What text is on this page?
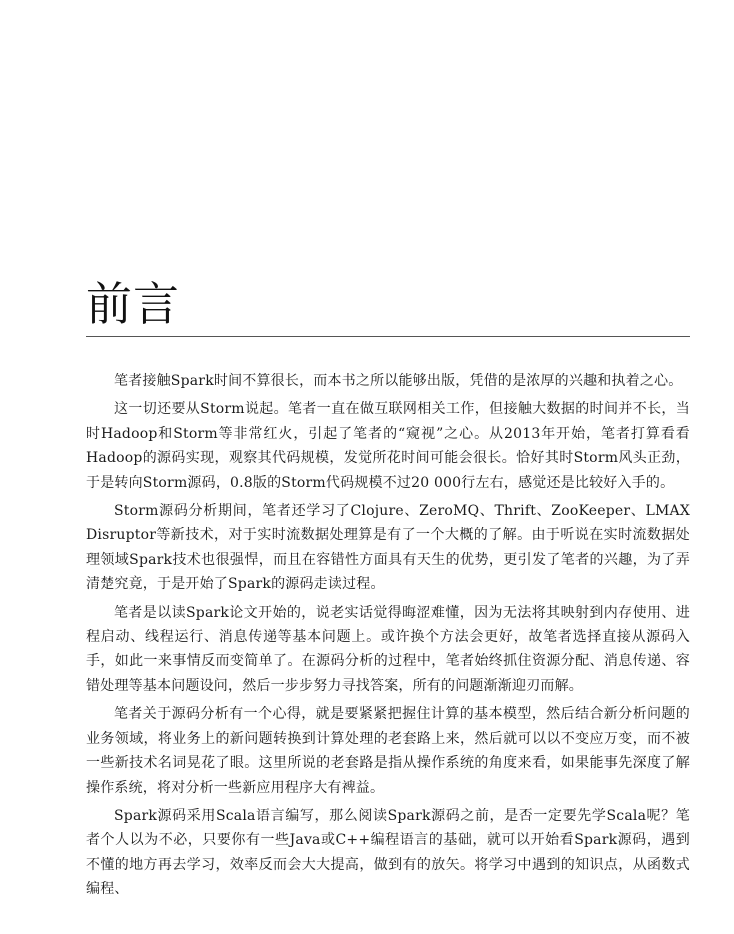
前言

笔者接触Spark时间不算很长，而本书之所以能够出版，凭借的是浓厚的兴趣和执着之心。

这一切还要从Storm说起。笔者一直在做互联网相关工作，但接触大数据的时间并不长，当时Hadoop和Storm等非常红火，引起了笔者的“窥视”之心。从2013年开始，笔者打算看看Hadoop的源码实现，观察其代码规模，发觉所花时间可能会很长。恰好其时Storm风头正劲，于是转向Storm源码，0.8版的Storm代码规模不过20 000行左右，感觉还是比较好入手的。

Storm源码分析期间，笔者还学习了Clojure、ZeroMQ、Thrift、ZooKeeper、LMAX Disruptor等新技术，对于实时流数据处理算是有了一个大概的了解。由于听说在实时流数据处理领域Spark技术也很强悍，而且在容错性方面具有天生的优势，更引发了笔者的兴趣，为了弄清楚究竟，于是开始了Spark的源码走读过程。

笔者是以读Spark论文开始的，说老实话觉得晦涩难懂，因为无法将其映射到内存使用、进程启动、线程运行、消息传递等基本问题上。或许换个方法会更好，故笔者选择直接从源码入手，如此一来事情反而变简单了。在源码分析的过程中，笔者始终抓住资源分配、消息传递、容错处理等基本问题设问，然后一步步努力寻找答案，所有的问题渐渐迎刃而解。

笔者关于源码分析有一个心得，就是要紧紧把握住计算的基本模型，然后结合新分析问题的业务领域，将业务上的新问题转换到计算处理的老套路上来，然后就可以以不变应万变，而不被一些新技术名词晃花了眼。这里所说的老套路是指从操作系统的角度来看，如果能事先深度了解操作系统，将对分析一些新应用程序大有裨益。

Spark源码采用Scala语言编写，那么阅读Spark源码之前，是否一定要先学Scala呢？笔者个人以为不必，只要你有一些Java或C++编程语言的基础，就可以开始看Spark源码，遇到不懂的地方再去学习，效率反而会大大提高，做到有的放矢。将学习中遇到的知识点，从函数式编程、
